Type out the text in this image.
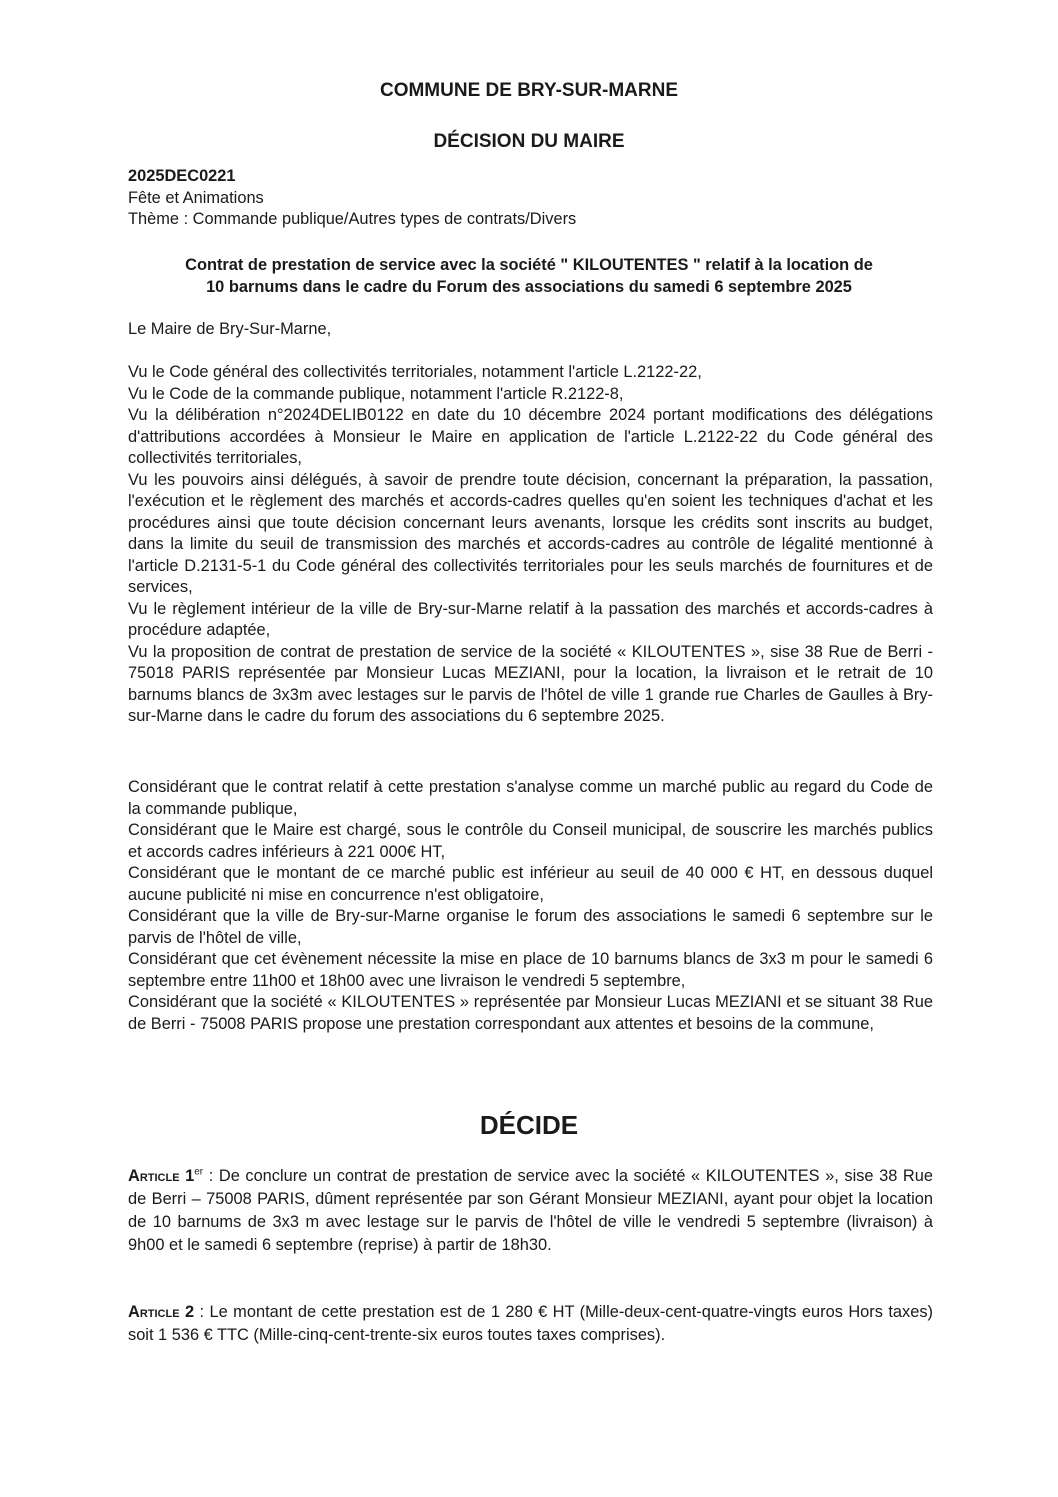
COMMUNE DE BRY-SUR-MARNE
DÉCISION DU MAIRE
2025DEC0221
Fête et Animations
Thème : Commande publique/Autres types de contrats/Divers
Contrat de prestation de service avec la société " KILOUTENTES " relatif à la location de
10 barnums dans le cadre du Forum des associations du samedi 6 septembre 2025
Le Maire de Bry-Sur-Marne,

Vu le Code général des collectivités territoriales, notamment l'article L.2122-22,

Vu le Code de la commande publique, notamment l'article R.2122-8,

Vu la délibération n°2024DELIB0122 en date du 10 décembre 2024 portant modifications des délégations d'attributions accordées à Monsieur le Maire en application de l'article L.2122-22 du Code général des collectivités territoriales,

Vu les pouvoirs ainsi délégués, à savoir de prendre toute décision, concernant la préparation, la passation, l'exécution et le règlement des marchés et accords-cadres quelles qu'en soient les techniques d'achat et les procédures ainsi que toute décision concernant leurs avenants, lorsque les crédits sont inscrits au budget, dans la limite du seuil de transmission des marchés et accords-cadres au contrôle de légalité mentionné à l'article D.2131-5-1 du Code général des collectivités territoriales pour les seuls marchés de fournitures et de services,

Vu le règlement intérieur de la ville de Bry-sur-Marne relatif à la passation des marchés et accords-cadres à procédure adaptée,

Vu la proposition de contrat de prestation de service de la société « KILOUTENTES », sise 38 Rue de Berri - 75018 PARIS représentée par Monsieur Lucas MEZIANI, pour la location, la livraison et le retrait de 10 barnums blancs de 3x3m avec lestages sur le parvis de l'hôtel de ville 1 grande rue Charles de Gaulles à Bry-sur-Marne dans le cadre du forum des associations du 6 septembre 2025.

Considérant que le contrat relatif à cette prestation s'analyse comme un marché public au regard du Code de la commande publique,

Considérant que le Maire est chargé, sous le contrôle du Conseil municipal, de souscrire les marchés publics et accords cadres inférieurs à 221 000€ HT,

Considérant que le montant de ce marché public est inférieur au seuil de 40 000 € HT, en dessous duquel aucune publicité ni mise en concurrence n'est obligatoire,

Considérant que la ville de Bry-sur-Marne organise le forum des associations le samedi 6 septembre sur le parvis de l'hôtel de ville,

Considérant que cet évènement nécessite la mise en place de 10 barnums blancs de 3x3 m pour le samedi 6 septembre entre 11h00 et 18h00 avec une livraison le vendredi 5 septembre,

Considérant que la société « KILOUTENTES » représentée par Monsieur Lucas MEZIANI et se situant 38 Rue de Berri - 75008 PARIS propose une prestation correspondant aux attentes et besoins de la commune,

DÉCIDE

Article 1er : De conclure un contrat de prestation de service avec la société « KILOUTENTES », sise 38 Rue de Berri – 75008 PARIS, dûment représentée par son Gérant Monsieur MEZIANI, ayant pour objet la location de 10 barnums de 3x3 m avec lestage sur le parvis de l'hôtel de ville le vendredi 5 septembre (livraison) à 9h00 et le samedi 6 septembre (reprise) à partir de 18h30.

Article 2 : Le montant de cette prestation est de 1 280 € HT (Mille-deux-cent-quatre-vingts euros Hors taxes) soit 1 536 € TTC (Mille-cinq-cent-trente-six euros toutes taxes comprises).
